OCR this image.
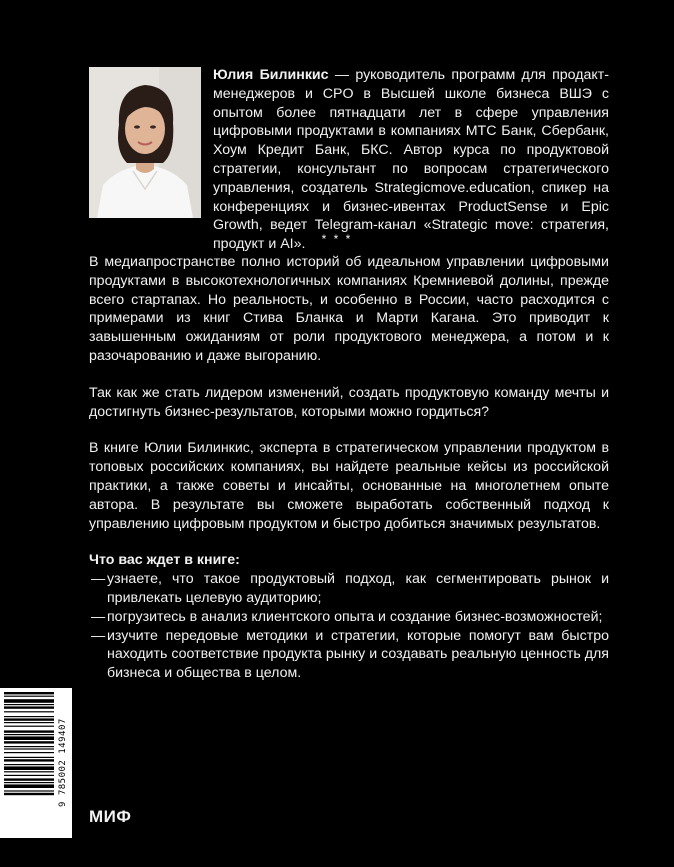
Юлия Билинкис — руководитель программ для продакт-менеджеров и CPO в Высшей школе бизнеса ВШЭ с опытом более пятнадцати лет в сфере управления цифровыми продуктами в компаниях МТС Банк, Сбербанк, Хоум Кредит Банк, БКС. Автор курса по продуктовой стратегии, консультант по вопросам стратегического управления, создатель Strategicmove.education, спикер на конференциях и бизнес-ивентах ProductSense и Epic Growth, ведет Telegram-канал «Strategic move: стратегия, продукт и AI».	* * *

В медиапространстве полно историй об идеальном управлении цифровыми продуктами в высокотехнологичных компаниях Кремниевой долины, прежде всего стартапах. Но реальность, и особенно в России, часто расходится с примерами из книг Стива Бланка и Марти Кагана. Это приводит к завышенным ожиданиям от роли продуктового менеджера, а потом и к разочарованию и даже выгоранию.

Так как же стать лидером изменений, создать продуктовую команду мечты и достигнуть бизнес-результатов, которыми можно гордиться?

В книге Юлии Билинкис, эксперта в стратегическом управлении продуктом в топовых российских компаниях, вы найдете реальные кейсы из российской практики, а также советы и инсайты, основанные на многолетнем опыте автора. В результате вы сможете выработать собственный подход к управлению цифровым продуктом и быстро добиться значимых результатов.

Что вас ждет в книге:
— узнаете, что такое продуктовый подход, как сегментировать рынок и привлекать целевую аудиторию;
— погрузитесь в анализ клиентского опыта и создание бизнес-возможностей;
— изучите передовые методики и стратегии, которые помогут вам быстро находить соответствие продукта рынку и создавать реальную ценность для бизнеса и общества в целом.
9 785002 149407
МИФ
